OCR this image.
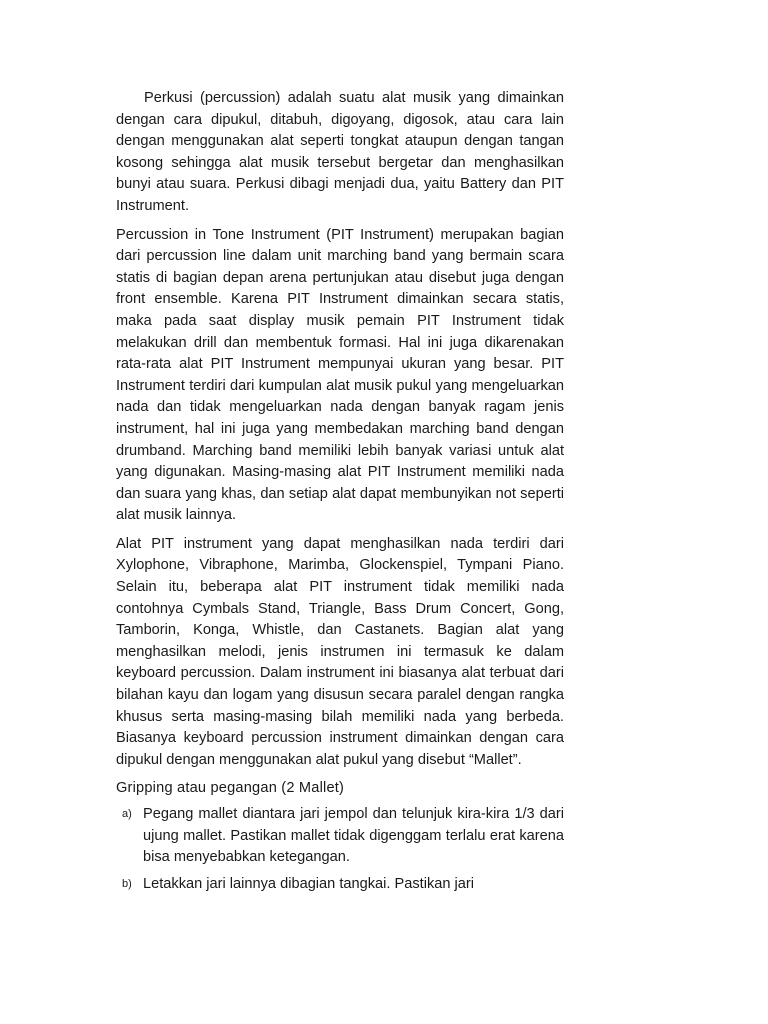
Perkusi (percussion) adalah suatu alat musik yang dimainkan dengan cara dipukul, ditabuh, digoyang, digosok, atau cara lain dengan menggunakan alat seperti tongkat ataupun dengan tangan kosong sehingga alat musik tersebut bergetar dan menghasilkan bunyi atau suara. Perkusi dibagi menjadi dua, yaitu Battery dan PIT Instrument.

Percussion in Tone Instrument (PIT Instrument) merupakan bagian dari percussion line dalam unit marching band yang bermain scara statis di bagian depan arena pertunjukan atau disebut juga dengan front ensemble. Karena PIT Instrument dimainkan secara statis, maka pada saat display musik pemain PIT Instrument tidak melakukan drill dan membentuk formasi. Hal ini juga dikarenakan rata-rata alat PIT Instrument mempunyai ukuran yang besar. PIT Instrument terdiri dari kumpulan alat musik pukul yang mengeluarkan nada dan tidak mengeluarkan nada dengan banyak ragam jenis instrument, hal ini juga yang membedakan marching band dengan drumband. Marching band memiliki lebih banyak variasi untuk alat yang digunakan. Masing-masing alat PIT Instrument memiliki nada dan suara yang khas, dan setiap alat dapat membunyikan not seperti alat musik lainnya.

Alat PIT instrument yang dapat menghasilkan nada terdiri dari Xylophone, Vibraphone, Marimba, Glockenspiel, Tympani Piano. Selain itu, beberapa alat PIT instrument tidak memiliki nada contohnya Cymbals Stand, Triangle, Bass Drum Concert, Gong, Tamborin, Konga, Whistle, dan Castanets. Bagian alat yang menghasilkan melodi, jenis instrumen ini termasuk ke dalam keyboard percussion. Dalam instrument ini biasanya alat terbuat dari bilahan kayu dan logam yang disusun secara paralel dengan rangka khusus serta masing-masing bilah memiliki nada yang berbeda. Biasanya keyboard percussion instrument dimainkan dengan cara dipukul dengan menggunakan alat pukul yang disebut “Mallet”.

Gripping atau pegangan (2 Mallet)

a) Pegang mallet diantara jari jempol dan telunjuk kira-kira 1/3 dari ujung mallet. Pastikan mallet tidak digenggam terlalu erat karena bisa menyebabkan ketegangan.
b) Letakkan jari lainnya dibagian tangkai. Pastikan jari
